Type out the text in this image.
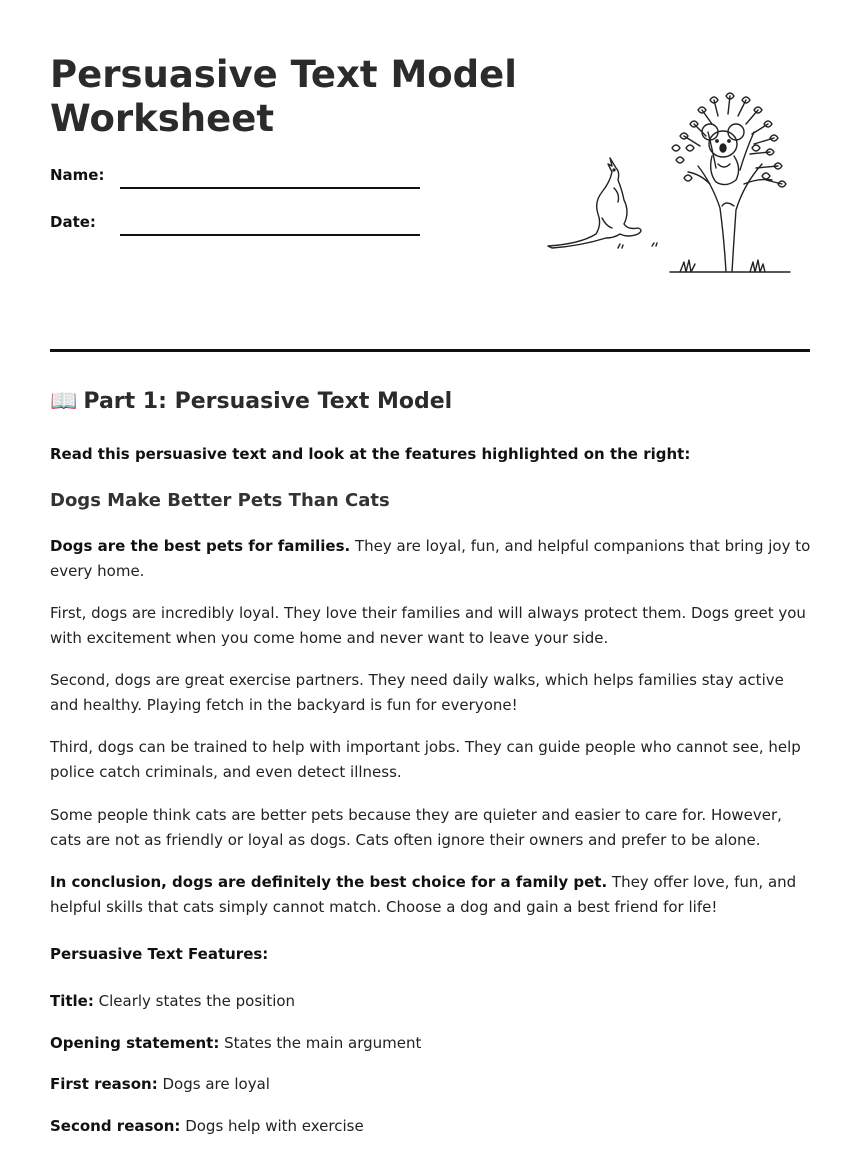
Persuasive Text Model Worksheet
Name:
Date:
📖 Part 1: Persuasive Text Model

Read this persuasive text and look at the features highlighted on the right:

Dogs Make Better Pets Than Cats

Dogs are the best pets for families. They are loyal, fun, and helpful companions that bring joy to every home.

First, dogs are incredibly loyal. They love their families and will always protect them. Dogs greet you with excitement when you come home and never want to leave your side.

Second, dogs are great exercise partners. They need daily walks, which helps families stay active and healthy. Playing fetch in the backyard is fun for everyone!

Third, dogs can be trained to help with important jobs. They can guide people who cannot see, help police catch criminals, and even detect illness.

Some people think cats are better pets because they are quieter and easier to care for. However, cats are not as friendly or loyal as dogs. Cats often ignore their owners and prefer to be alone.

In conclusion, dogs are definitely the best choice for a family pet. They offer love, fun, and helpful skills that cats simply cannot match. Choose a dog and gain a best friend for life!

Persuasive Text Features:

Title: Clearly states the position

Opening statement: States the main argument

First reason: Dogs are loyal

Second reason: Dogs help with exercise
